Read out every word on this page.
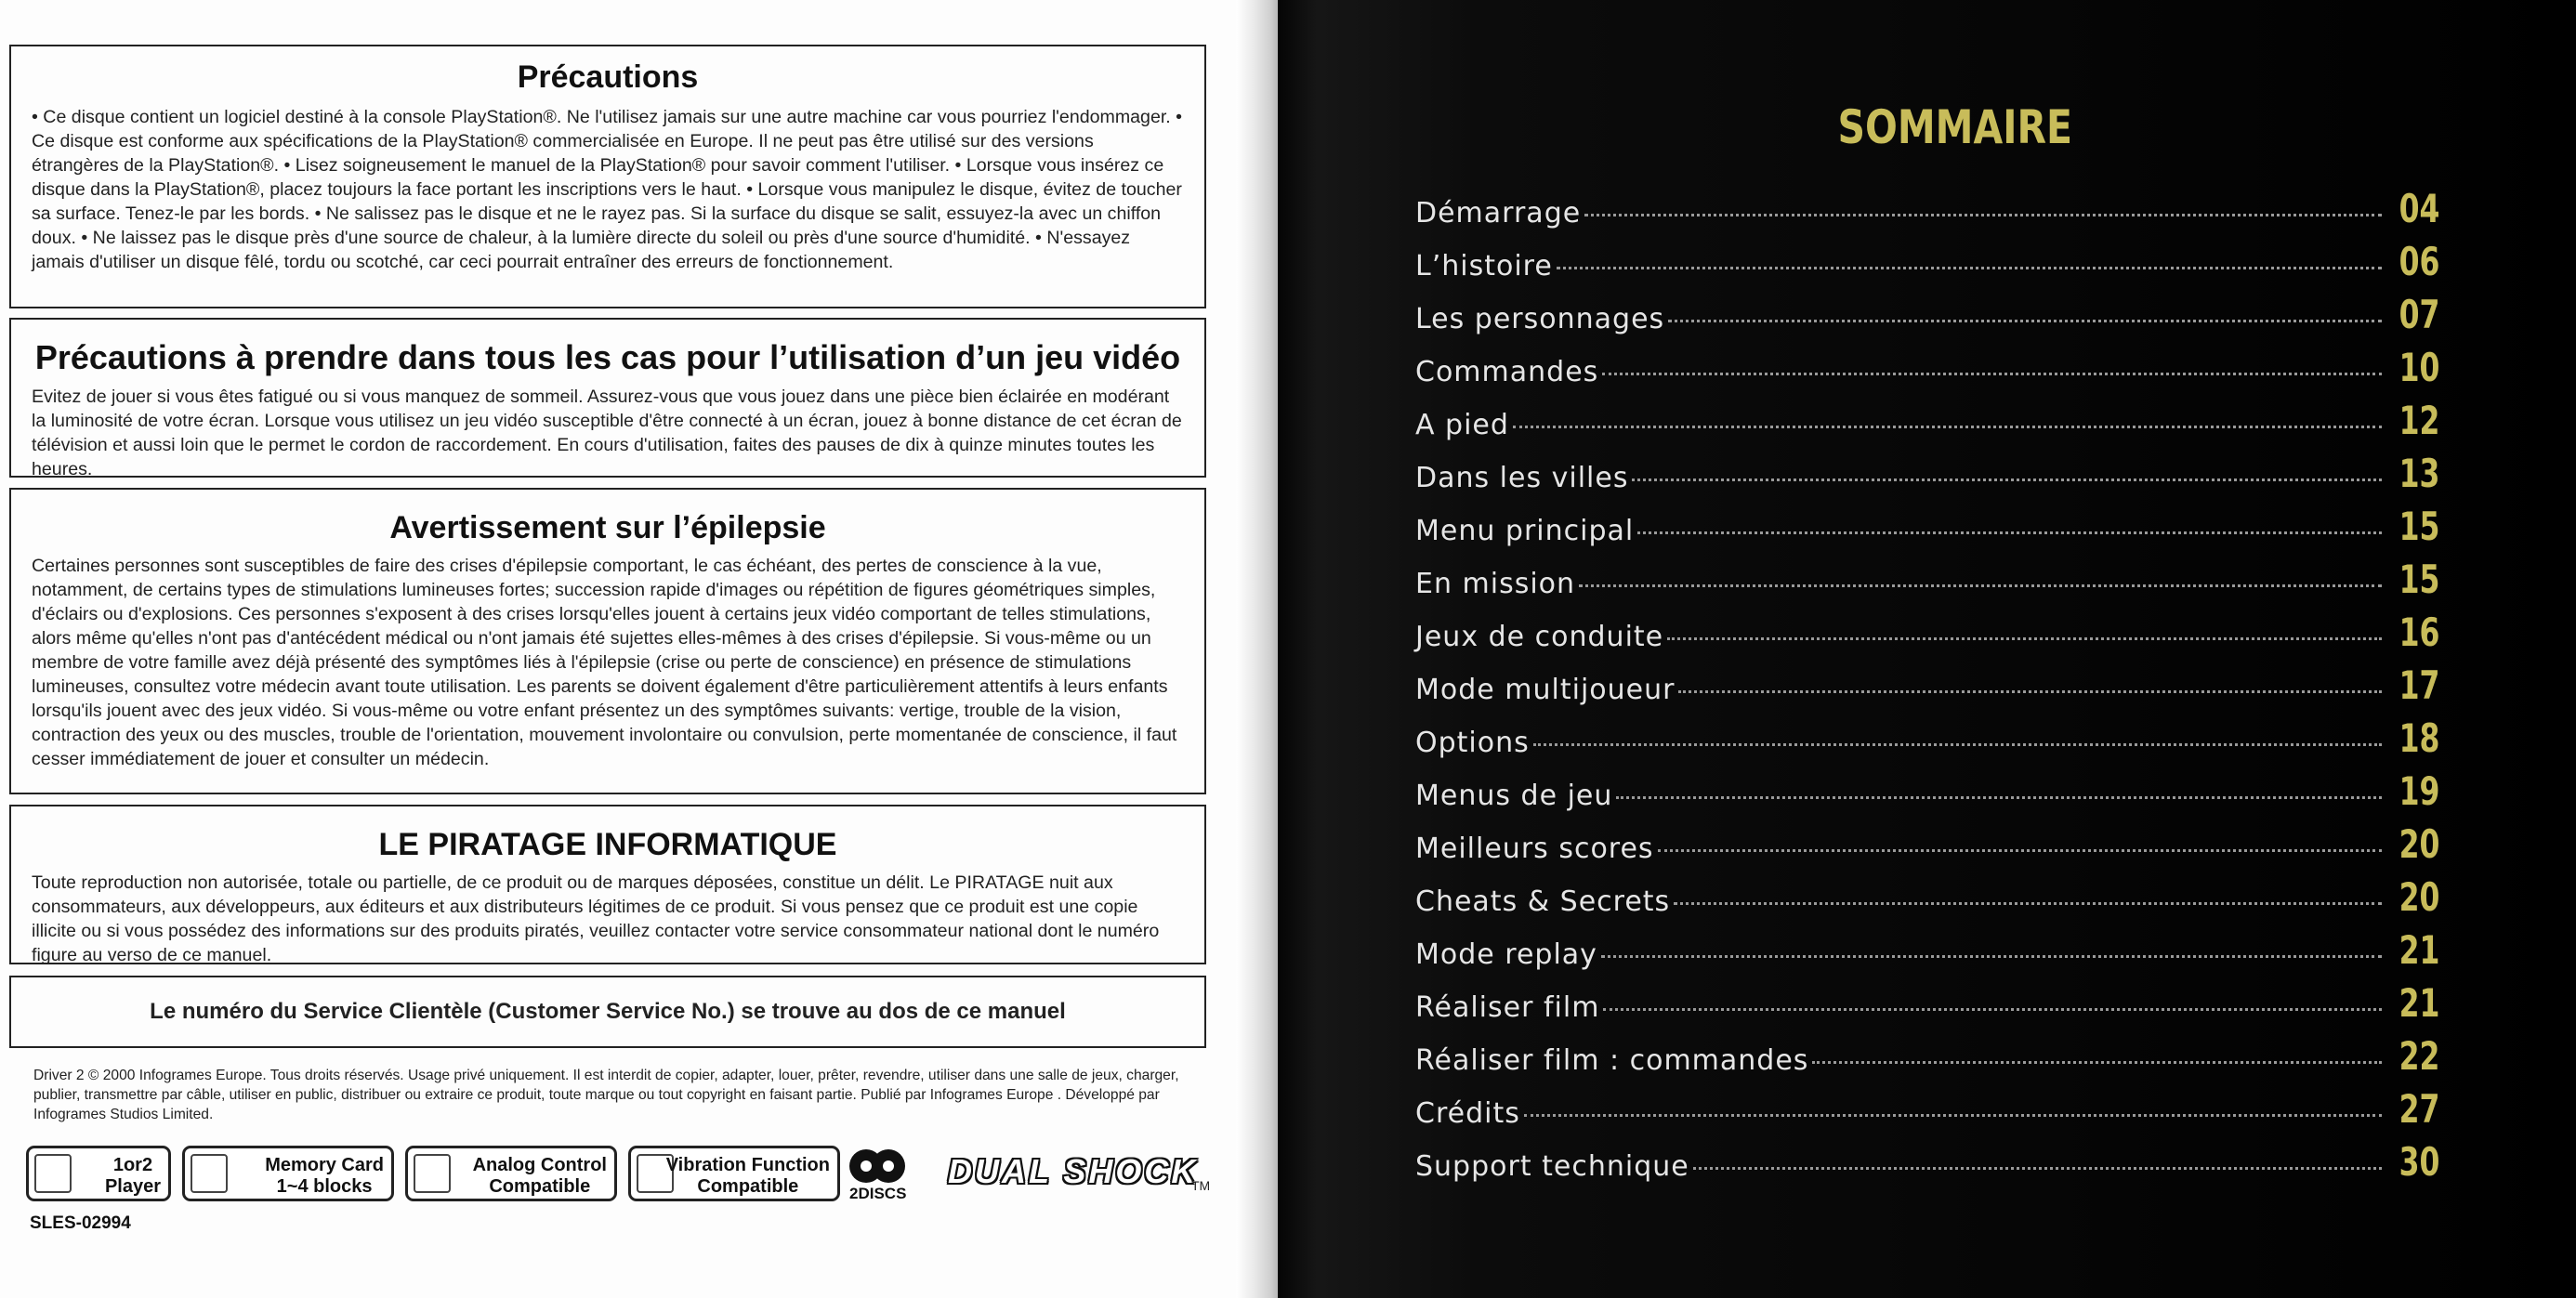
Précautions

• Ce disque contient un logiciel destiné à la console PlayStation®. Ne l'utilisez jamais sur une autre machine car vous pourriez l'endommager. • Ce disque est conforme aux spécifications de la PlayStation® commercialisée en Europe. Il ne peut pas être utilisé sur des versions étrangères de la PlayStation®. • Lisez soigneusement le manuel de la PlayStation® pour savoir comment l'utiliser. • Lorsque vous insérez ce disque dans la PlayStation®, placez toujours la face portant les inscriptions vers le haut. • Lorsque vous manipulez le disque, évitez de toucher sa surface. Tenez-le par les bords. • Ne salissez pas le disque et ne le rayez pas. Si la surface du disque se salit, essuyez-la avec un chiffon doux. • Ne laissez pas le disque près d'une source de chaleur, à la lumière directe du soleil ou près d'une source d'humidité. • N'essayez jamais d'utiliser un disque fêlé, tordu ou scotché, car ceci pourrait entraîner des erreurs de fonctionnement.

Précautions à prendre dans tous les cas pour l’utilisation d’un jeu vidéo

Evitez de jouer si vous êtes fatigué ou si vous manquez de sommeil. Assurez-vous que vous jouez dans une pièce bien éclairée en modérant la luminosité de votre écran. Lorsque vous utilisez un jeu vidéo susceptible d'être connecté à un écran, jouez à bonne distance de cet écran de télévision et aussi loin que le permet le cordon de raccordement. En cours d'utilisation, faites des pauses de dix à quinze minutes toutes les heures.

Avertissement sur l’épilepsie

Certaines personnes sont susceptibles de faire des crises d'épilepsie comportant, le cas échéant, des pertes de conscience à la vue, notamment, de certains types de stimulations lumineuses fortes; succession rapide d'images ou répétition de figures géométriques simples, d'éclairs ou d'explosions. Ces personnes s'exposent à des crises lorsqu'elles jouent à certains jeux vidéo comportant de telles stimulations, alors même qu'elles n'ont pas d'antécédent médical ou n'ont jamais été sujettes elles-mêmes à des crises d'épilepsie. Si vous-même ou un membre de votre famille avez déjà présenté des symptômes liés à l'épilepsie (crise ou perte de conscience) en présence de stimulations lumineuses, consultez votre médecin avant toute utilisation. Les parents se doivent également d'être particulièrement attentifs à leurs enfants lorsqu'ils jouent avec des jeux vidéo. Si vous-même ou votre enfant présentez un des symptômes suivants: vertige, trouble de la vision, contraction des yeux ou des muscles, trouble de l'orientation, mouvement involontaire ou convulsion, perte momentanée de conscience, il faut cesser immédiatement de jouer et consulter un médecin.

LE PIRATAGE INFORMATIQUE

Toute reproduction non autorisée, totale ou partielle, de ce produit ou de marques déposées, constitue un délit. Le PIRATAGE nuit aux consommateurs, aux développeurs, aux éditeurs et aux distributeurs légitimes de ce produit. Si vous pensez que ce produit est une copie illicite ou si vous possédez des informations sur des produits piratés, veuillez contacter votre service consommateur national dont le numéro figure au verso de ce manuel.

Le numéro du Service Clientèle (Customer Service No.) se trouve au dos de ce manuel

Driver 2 © 2000 Infogrames Europe. Tous droits réservés. Usage privé uniquement. Il est interdit de copier, adapter, louer, prêter, revendre, utiliser dans une salle de jeux, charger, publier, transmettre par câble, utiliser en public, distribuer ou extraire ce produit, toute marque ou tout copyright en faisant partie. Publié par Infogrames Europe . Développé par Infogrames Studios Limited.

1or2
Player
Memory Card
1~4 blocks
Analog Control
Compatible
Vibration Function
Compatible	2DISCS
DUAL SHOCK
TM
SLES-02994
SOMMAIRE
Démarrage	04
L’histoire	06
Les personnages	07
Commandes	10
A pied	12
Dans les villes	13
Menu principal	15
En mission	15
Jeux de conduite	16
Mode multijoueur	17
Options	18
Menus de jeu	19
Meilleurs scores	20
Cheats & Secrets	20
Mode replay	21
Réaliser film	21
Réaliser film : commandes	22
Crédits	27
Support technique	30
